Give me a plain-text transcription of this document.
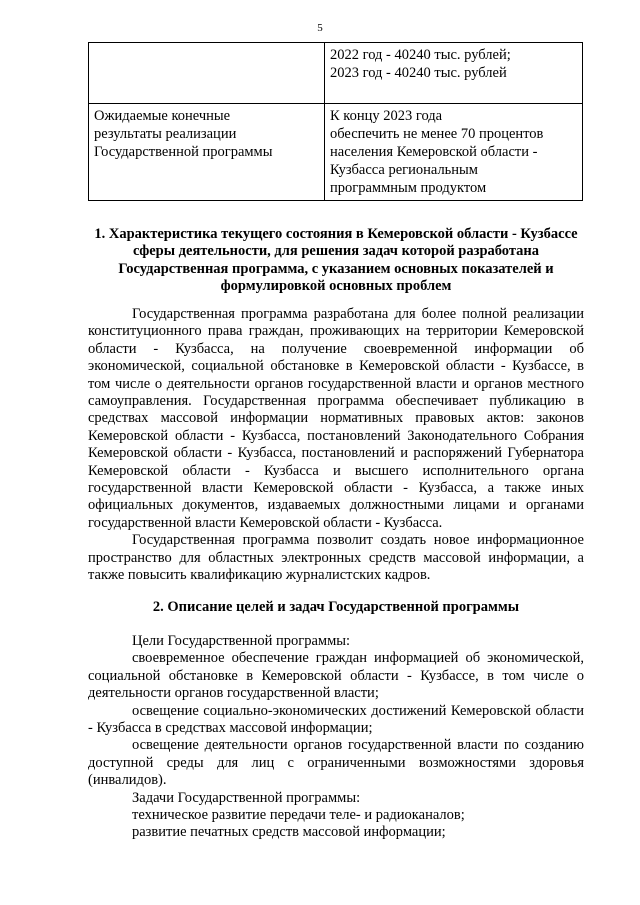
5

	2022 год - 40240 тыс. рублей;
2023 год - 40240 тыс. рублей

Ожидаемые конечные
результаты реализации
Государственной программы	К концу 2023 года
обеспечить не менее 70 процентов
населения Кемеровской области -
Кузбасса региональным
программным продуктом

1. Характеристика текущего состояния в Кемеровской области - Кузбассе сферы деятельности, для решения задач которой разработана Государственная программа, с указанием основных показателей и формулировкой основных проблем

Государственная программа разработана для более полной реализации конституционного права граждан, проживающих на территории Кемеровской области - Кузбасса, на получение своевременной информации об экономической, социальной обстановке в Кемеровской области - Кузбассе, в том числе о деятельности органов государственной власти и органов местного самоуправления. Государственная программа обеспечивает публикацию в средствах массовой информации нормативных правовых актов: законов Кемеровской области - Кузбасса, постановлений Законодательного Собрания Кемеровской области - Кузбасса, постановлений и распоряжений Губернатора Кемеровской области - Кузбасса и высшего исполнительного органа государственной власти Кемеровской области - Кузбасса, а также иных официальных документов, издаваемых должностными лицами и органами государственной власти Кемеровской области - Кузбасса.

Государственная программа позволит создать новое информационное пространство для областных электронных средств массовой информации, а также повысить квалификацию журналистских кадров.

2. Описание целей и задач Государственной программы

Цели Государственной программы:

своевременное обеспечение граждан информацией об экономической, социальной обстановке в Кемеровской области - Кузбассе, в том числе о деятельности органов государственной власти;

освещение социально-экономических достижений Кемеровской области - Кузбасса в средствах массовой информации;

освещение деятельности органов государственной власти по созданию доступной среды для лиц с ограниченными возможностями здоровья (инвалидов).

Задачи Государственной программы:

техническое развитие передачи теле- и радиоканалов;

развитие печатных средств массовой информации;
